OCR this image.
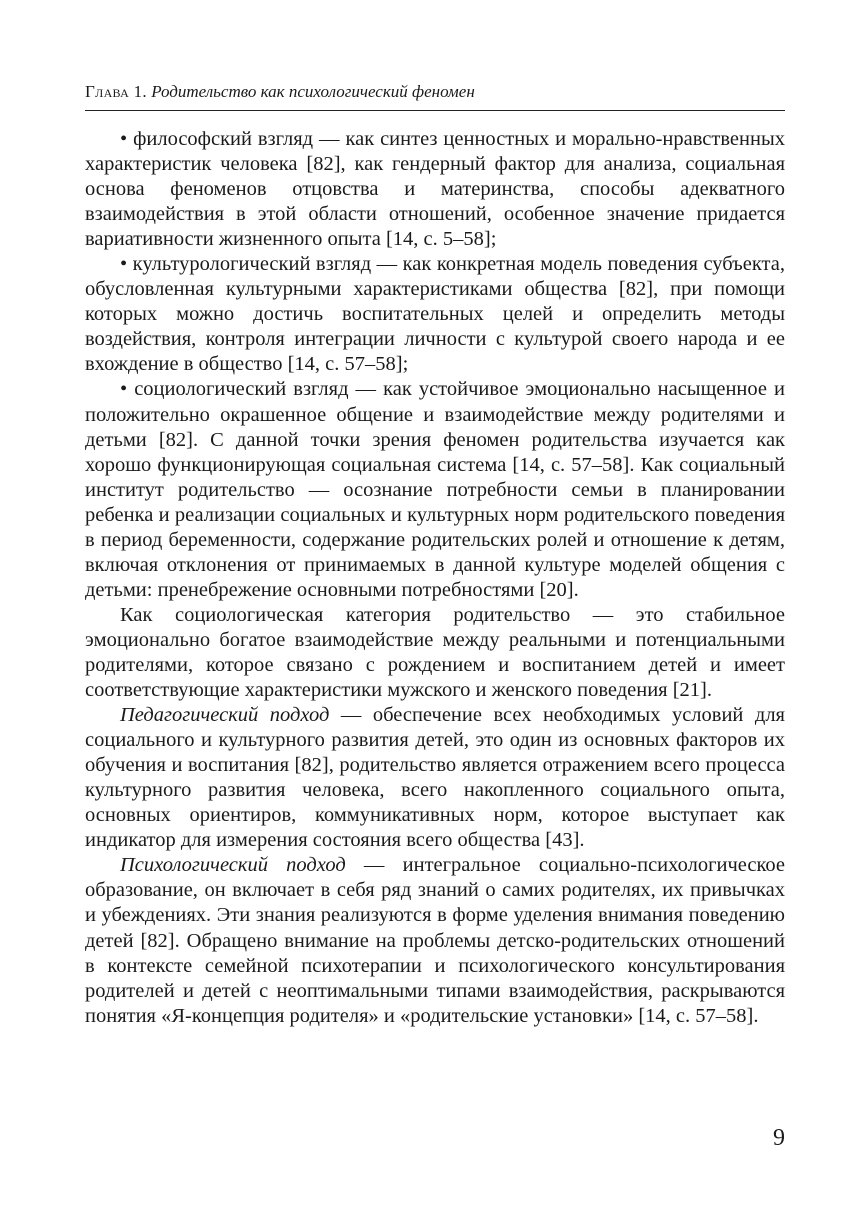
Глава 1. Родительство как психологический феномен

• философский взгляд — как синтез ценностных и морально-нравственных характеристик человека [82], как гендерный фактор для анализа, социальная основа феноменов отцовства и материнства, способы адекватного взаимодействия в этой области отношений, особенное значение придается вариативности жизненного опыта [14, с. 5–58];

• культурологический взгляд — как конкретная модель поведения субъекта, обусловленная культурными характеристиками общества [82], при помощи которых можно достичь воспитательных целей и определить методы воздействия, контроля интеграции личности с культурой своего народа и ее вхождение в общество [14, с. 57–58];

• социологический взгляд — как устойчивое эмоционально насыщенное и положительно окрашенное общение и взаимодействие между родителями и детьми [82]. С данной точки зрения феномен родительства изучается как хорошо функционирующая социальная система [14, с. 57–58]. Как социальный институт родительство — осознание потребности семьи в планировании ребенка и реализации социальных и культурных норм родительского поведения в период беременности, содержание родительских ролей и отношение к детям, включая отклонения от принимаемых в данной культуре моделей общения с детьми: пренебрежение основными потребностями [20].

Как социологическая категория родительство — это стабильное эмоционально богатое взаимодействие между реальными и потенциальными родителями, которое связано с рождением и воспитанием детей и имеет соответствующие характеристики мужского и женского поведения [21].

Педагогический подход — обеспечение всех необходимых условий для социального и культурного развития детей, это один из основных факторов их обучения и воспитания [82], родительство является отражением всего процесса культурного развития человека, всего накопленного социального опыта, основных ориентиров, коммуникативных норм, которое выступает как индикатор для измерения состояния всего общества [43].

Психологический подход — интегральное социально-психологическое образование, он включает в себя ряд знаний о самих родителях, их привычках и убеждениях. Эти знания реализуются в форме уделения внимания поведению детей [82]. Обращено внимание на проблемы детско-родительских отношений в контексте семейной психотерапии и психологического консультирования родителей и детей с неоптимальными типами взаимодействия, раскрываются понятия «Я-концепция родителя» и «родительские установки» [14, с. 57–58].

9
